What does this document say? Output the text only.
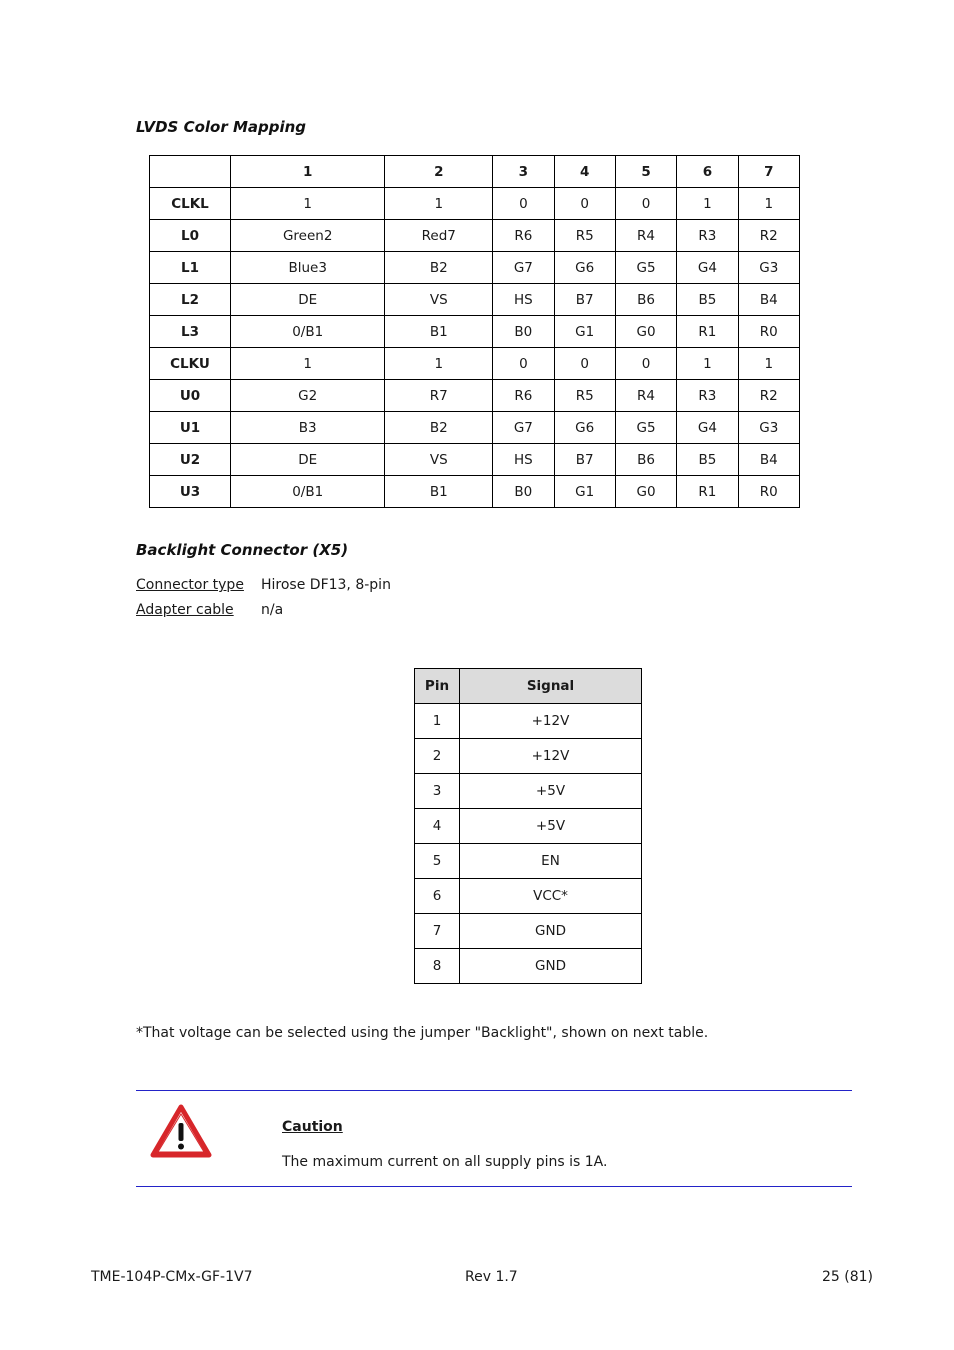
LVDS Color Mapping
	1	2	3	4	5	6	7
CLKL	1	1	0	0	0	1	1
L0	Green2	Red7	R6	R5	R4	R3	R2
L1	Blue3	B2	G7	G6	G5	G4	G3
L2	DE	VS	HS	B7	B6	B5	B4
L3	0/B1	B1	B0	G1	G0	R1	R0
CLKU	1	1	0	0	0	1	1
U0	G2	R7	R6	R5	R4	R3	R2
U1	B3	B2	G7	G6	G5	G4	G3
U2	DE	VS	HS	B7	B6	B5	B4
U3	0/B1	B1	B0	G1	G0	R1	R0
Backlight Connector (X5)
Connector type Hirose DF13, 8-pin
Adapter cable n/a
Pin	Signal
1	+12V
2	+12V
3	+5V
4	+5V
5	EN
6	VCC*
7	GND
8	GND

*That voltage can be selected using the jumper "Backlight", shown on next table.

Caution

The maximum current on all supply pins is 1A.

TME-104P-CMx-GF-1V7	Rev 1.7	25 (81)
